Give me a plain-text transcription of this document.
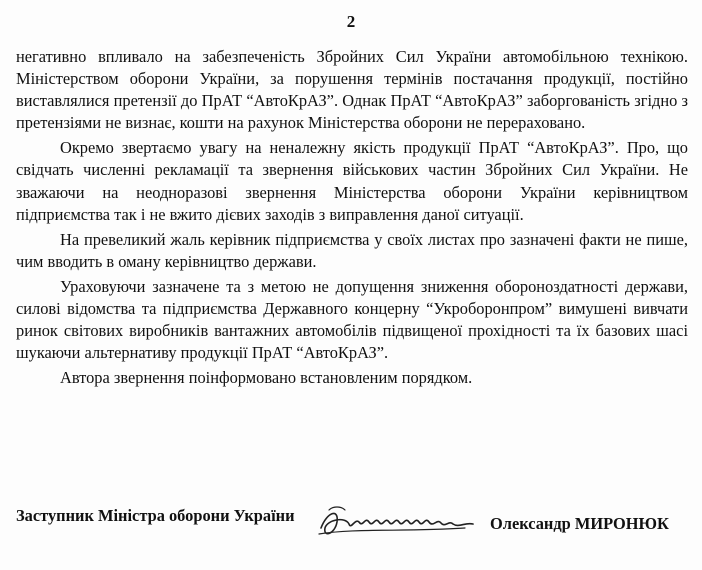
2

негативно впливало на забезпеченість Збройних Сил України автомобільною технікою. Міністерством оборони України, за порушення термінів постачання продукції, постійно виставлялися претензії до ПрАТ “АвтоКрАЗ”. Однак ПрАТ “АвтоКрАЗ” заборгованість згідно з претензіями не визнає, кошти на рахунок Міністерства оборони не перераховано.

Окремо звертаємо увагу на неналежну якість продукції ПрАТ “АвтоКрАЗ”. Про, що свідчать численні рекламації та звернення військових частин Збройних Сил України. Не зважаючи на неодноразові звернення Міністерства оборони України керівництвом підприємства так і не вжито дієвих заходів з виправлення даної ситуації.

На превеликий жаль керівник підприємства у своїх листах про зазначені факти не пише, чим вводить в оману керівництво держави.

Ураховуючи зазначене та з метою не допущення зниження обороноздатності держави, силові відомства та підприємства Державного концерну “Укроборонпром” вимушені вивчати ринок світових виробників вантажних автомобілів підвищеної прохідності та їх базових шасі шукаючи альтернативу продукції ПрАТ “АвтоКрАЗ”.

Автора звернення поінформовано встановленим порядком.

Заступник Міністра оборони України	Олександр МИРОНЮК
